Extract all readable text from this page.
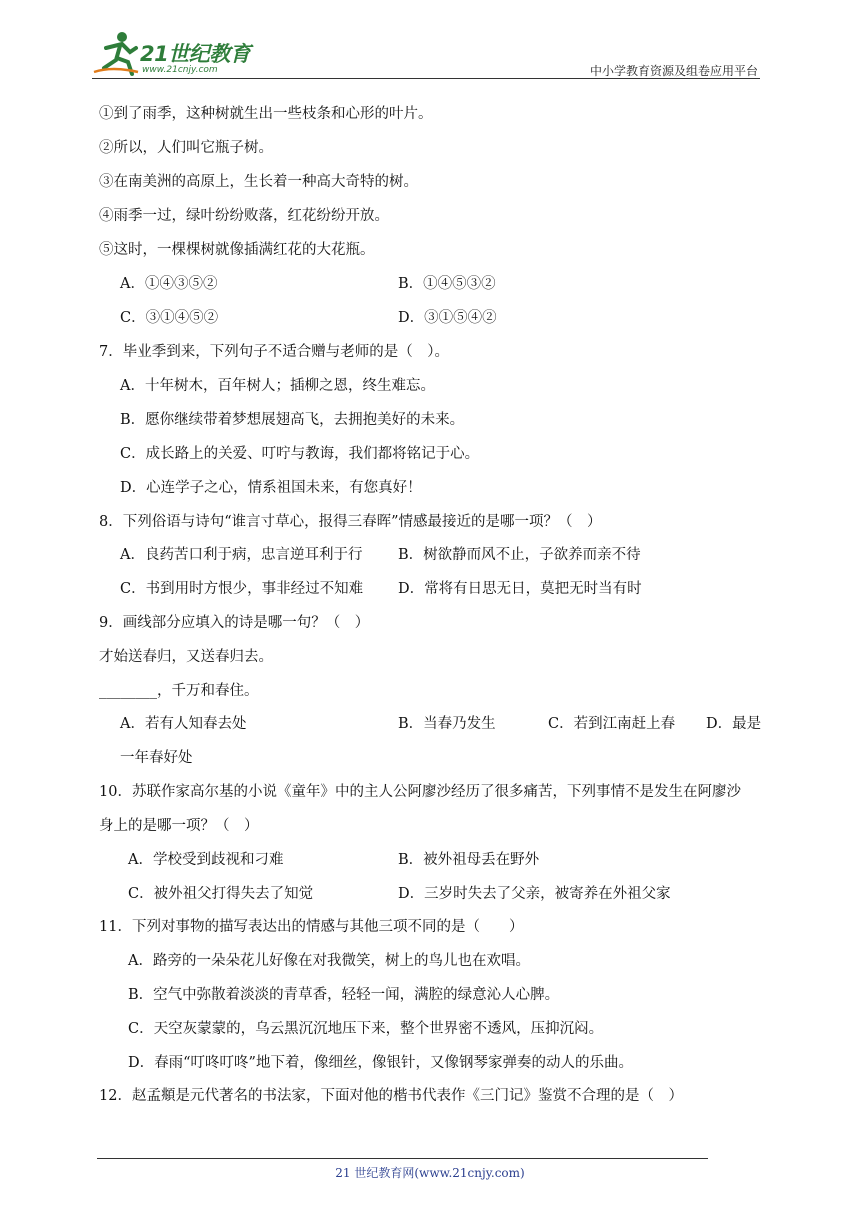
21世纪教育
www.21cnjy.com	中小学教育资源及组卷应用平台
①到了雨季，这种树就生出一些枝条和心形的叶片。
②所以，人们叫它瓶子树。
③在南美洲的高原上，生长着一种高大奇特的树。
④雨季一过，绿叶纷纷败落，红花纷纷开放。
⑤这时，一棵棵树就像插满红花的大花瓶。
A．①④③⑤②	B．①④⑤③②
C．③①④⑤②	D．③①⑤④②
7．毕业季到来，下列句子不适合赠与老师的是（　）。
A．十年树木，百年树人；插柳之恩，终生难忘。
B．愿你继续带着梦想展翅高飞，去拥抱美好的未来。
C．成长路上的关爱、叮咛与教诲，我们都将铭记于心。
D．心连学子之心，情系祖国未来，有您真好！
8．下列俗语与诗句“谁言寸草心，报得三春晖”情感最接近的是哪一项？（　）
A．良药苦口利于病，忠言逆耳利于行 B．树欲静而风不止，子欲养而亲不待
C．书到用时方恨少，事非经过不知难 D．常将有日思无日，莫把无时当有时
9．画线部分应填入的诗是哪一句？（　）
才始送春归，又送春归去。
________，千万和春住。
A．若有人知春去处	B．当春乃发生	C．若到江南赶上春 D．最是
一年春好处
10．苏联作家高尔基的小说《童年》中的主人公阿廖沙经历了很多痛苦，下列事情不是发生在阿廖沙
身上的是哪一项？（　）
A．学校受到歧视和刁难	B．被外祖母丢在野外
C．被外祖父打得失去了知觉	D．三岁时失去了父亲，被寄养在外祖父家
11．下列对事物的描写表达出的情感与其他三项不同的是（　　）
A．路旁的一朵朵花儿好像在对我微笑，树上的鸟儿也在欢唱。
B．空气中弥散着淡淡的青草香，轻轻一闻，满腔的绿意沁人心脾。
C．天空灰蒙蒙的，乌云黑沉沉地压下来，整个世界密不透风，压抑沉闷。
D．春雨“叮咚叮咚”地下着，像细丝，像银针，又像钢琴家弹奏的动人的乐曲。
12．赵孟頫是元代著名的书法家，下面对他的楷书代表作《三门记》鉴赏不合理的是（　）
21 世纪教育网(www.21cnjy.com)
